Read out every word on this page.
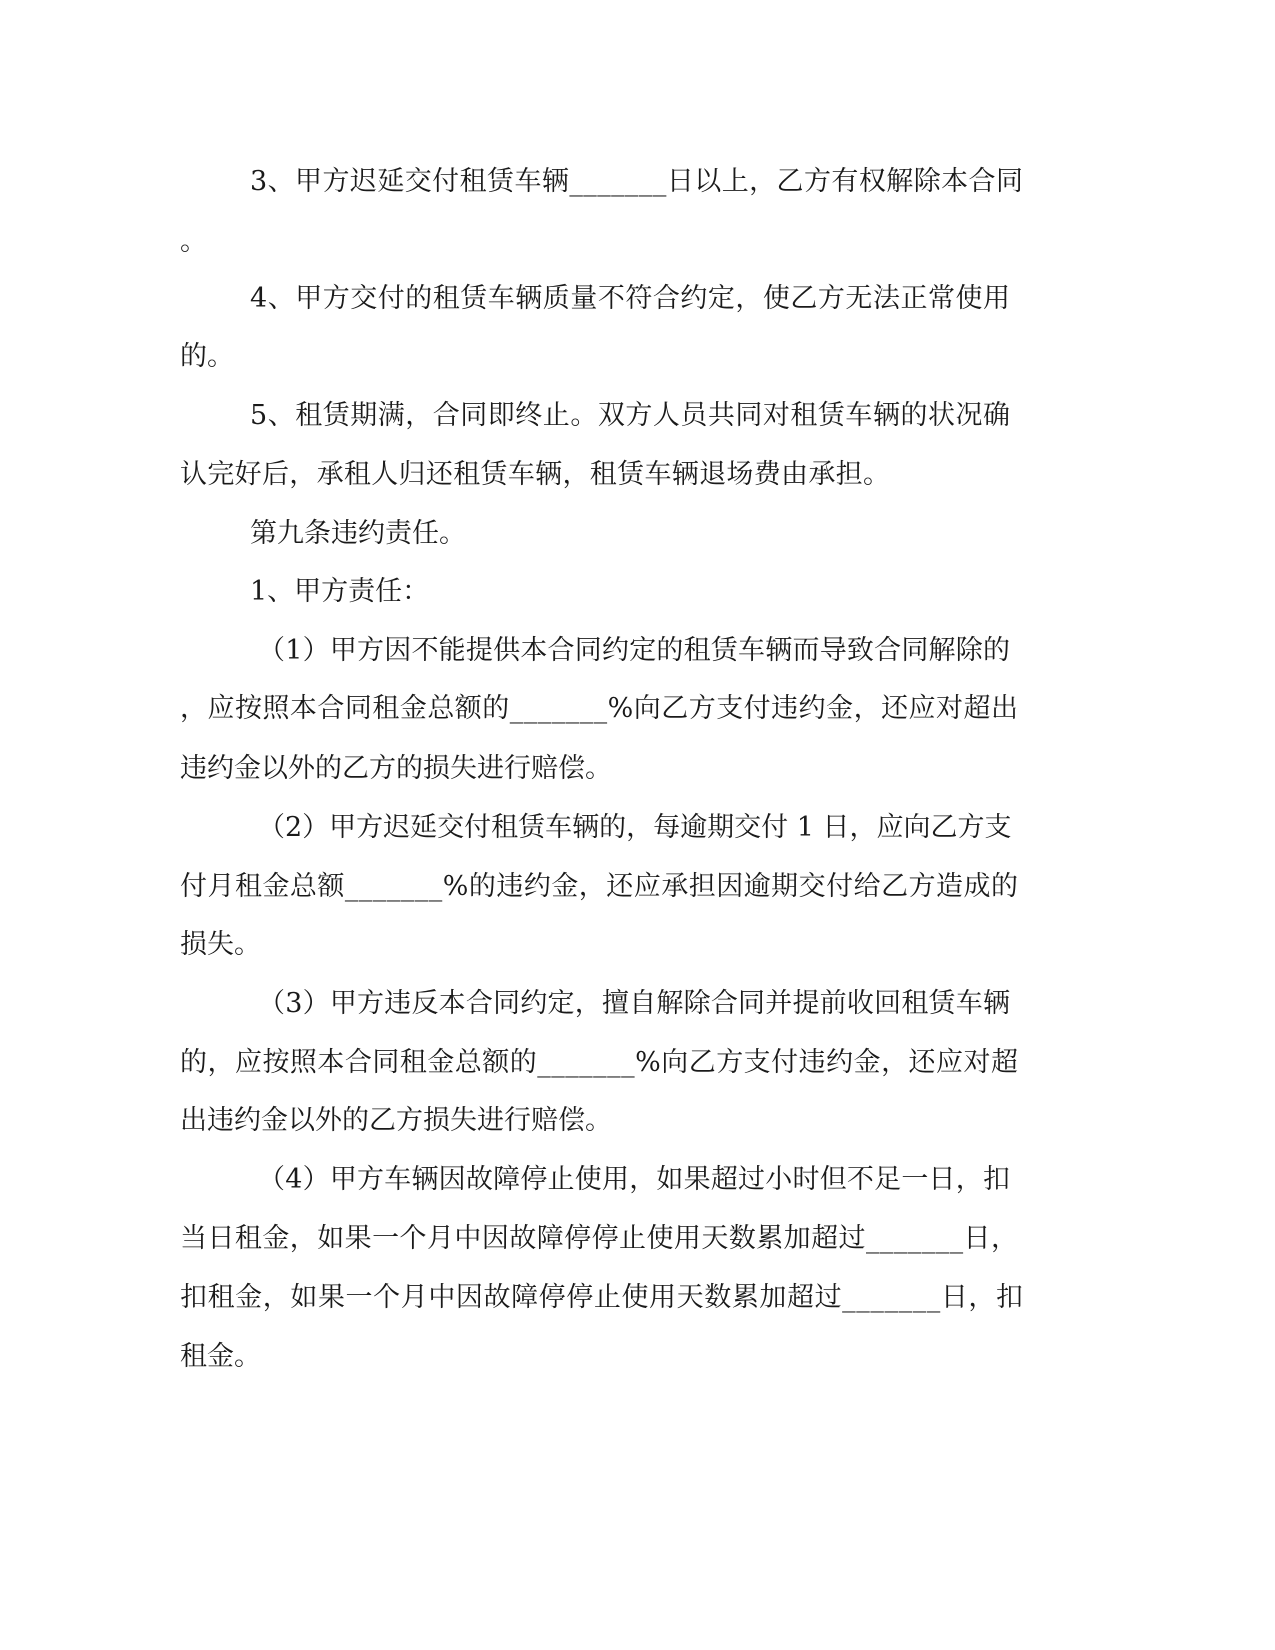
3、甲方迟延交付租赁车辆_______日以上，乙方有权解除本合同
。
4、甲方交付的租赁车辆质量不符合约定，使乙方无法正常使用
的。
5、租赁期满，合同即终止。双方人员共同对租赁车辆的状况确
认完好后，承租人归还租赁车辆，租赁车辆退场费由承担。
第九条违约责任。
1、甲方责任：
（1）甲方因不能提供本合同约定的租赁车辆而导致合同解除的
，应按照本合同租金总额的_______%向乙方支付违约金，还应对超出
违约金以外的乙方的损失进行赔偿。
（2）甲方迟延交付租赁车辆的，每逾期交付 1 日，应向乙方支
付月租金总额_______%的违约金，还应承担因逾期交付给乙方造成的
损失。
（3）甲方违反本合同约定，擅自解除合同并提前收回租赁车辆
的，应按照本合同租金总额的_______%向乙方支付违约金，还应对超
出违约金以外的乙方损失进行赔偿。
（4）甲方车辆因故障停止使用，如果超过小时但不足一日，扣
当日租金，如果一个月中因故障停停止使用天数累加超过_______日，
扣租金，如果一个月中因故障停停止使用天数累加超过_______日，扣
租金。
